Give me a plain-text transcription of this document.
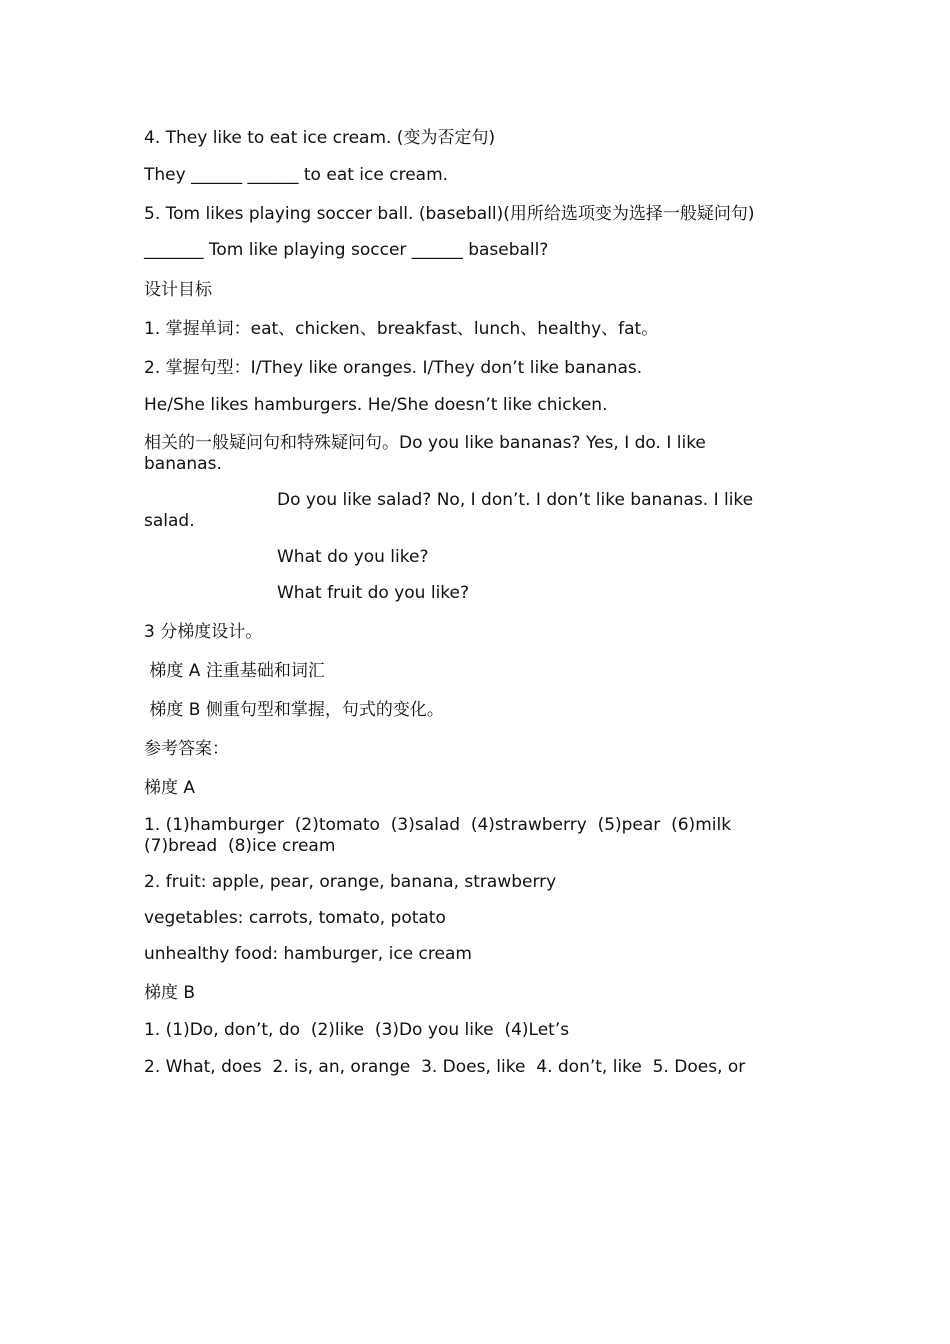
4. They like to eat ice cream. (变为否定句)
They ______ ______ to eat ice cream.
5. Tom likes playing soccer ball. (baseball)(用所给选项变为选择一般疑问句)
_______ Tom like playing soccer ______ baseball?
设计目标
1. 掌握单词：eat、chicken、breakfast、lunch、healthy、fat。
2. 掌握句型：I/They like oranges. I/They don’t like bananas.
He/She likes hamburgers. He/She doesn’t like chicken.
相关的一般疑问句和特殊疑问句。Do you like bananas? Yes, I do. I like bananas.
Do you like salad? No, I don’t. I don’t like bananas. I like salad.
What do you like?
What fruit do you like?
3 分梯度设计。
梯度 A 注重基础和词汇
梯度 B 侧重句型和掌握，句式的变化。
参考答案：
梯度 A
1. (1)hamburger  (2)tomato  (3)salad  (4)strawberry  (5)pear  (6)milk  (7)bread  (8)ice cream
2. fruit: apple, pear, orange, banana, strawberry
vegetables: carrots, tomato, potato
unhealthy food: hamburger, ice cream
梯度 B
1. (1)Do, don’t, do  (2)like  (3)Do you like  (4)Let’s
2. What, does  2. is, an, orange  3. Does, like  4. don’t, like  5. Does, or
